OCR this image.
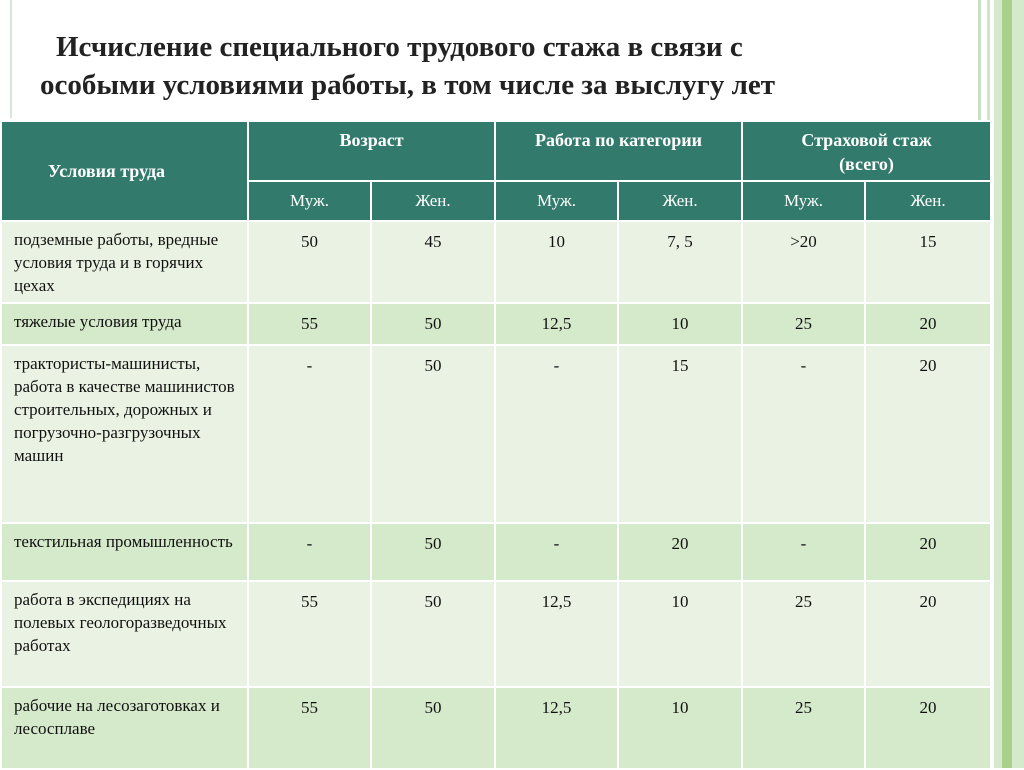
Исчисление специального трудового стажа в связи с
особыми условиями работы, в том числе за выслугу лет
Условия труда	Возраст		Работа по категории		Страховой стаж
(всего)	
	Муж.	Жен.	Муж.	Жен.	Муж.	Жен.
подземные работы, вредные условия труда и в горячих цехах	50	45	10	7, 5	>20	15
тяжелые условия труда	55	50	12,5	10	25	20
трактористы-машинисты, работа в качестве машинистов строительных, дорожных и погрузочно-разгрузочных машин	-	50	-	15	-	20
текстильная промышленность	-	50	-	20	-	20
работа в экспедициях на полевых геологоразведочных работах	55	50	12,5	10	25	20
рабочие на лесозаготовках и лесосплаве	55	50	12,5	10	25	20
